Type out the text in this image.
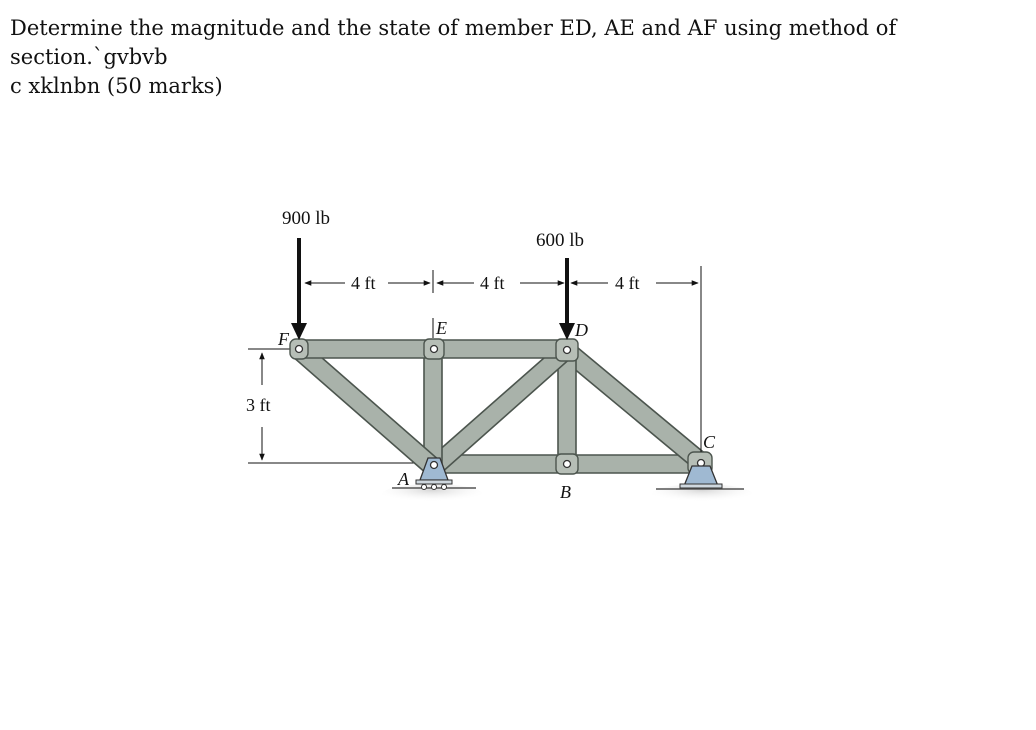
Determine the magnitude and the state of member ED, AE and AF using method of section.`gvbvb
c xklnbn (50 marks)
900 lb
600 lb
4 ft	4 ft	4 ft
3 ft
F
E	D
A
B
C
